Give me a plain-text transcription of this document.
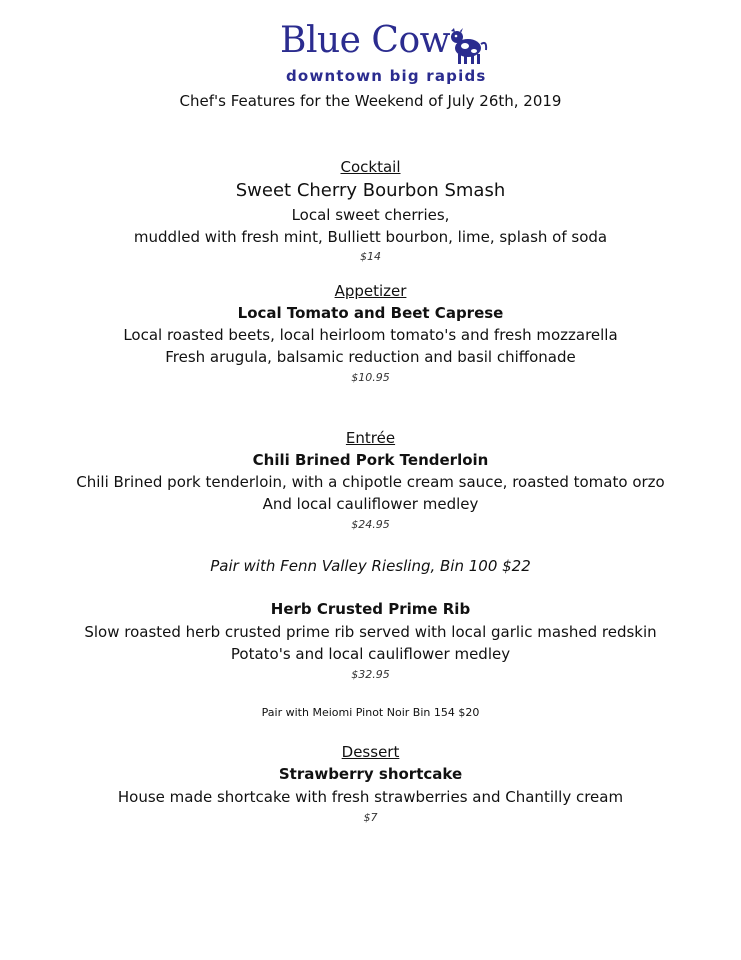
Blue Cow
downtown big rapids
Chef's Features for the Weekend of July 26th, 2019
Cocktail
Sweet Cherry Bourbon Smash
Local sweet cherries,
muddled with fresh mint, Bulliett bourbon, lime, splash of soda
$14
Appetizer
Local Tomato and Beet Caprese
Local roasted beets, local heirloom tomato's and fresh mozzarella
Fresh arugula, balsamic reduction and basil chiffonade
$10.95
Entrée
Chili Brined Pork Tenderloin
Chili Brined pork tenderloin, with a chipotle cream sauce, roasted tomato orzo
And local cauliflower medley
$24.95
Pair with Fenn Valley Riesling, Bin 100 $22
Herb Crusted Prime Rib
Slow roasted herb crusted prime rib served with local garlic mashed redskin
Potato's and local cauliflower medley
$32.95
Pair with Meiomi Pinot Noir Bin 154 $20
Dessert
Strawberry shortcake
House made shortcake with fresh strawberries and Chantilly cream
$7
